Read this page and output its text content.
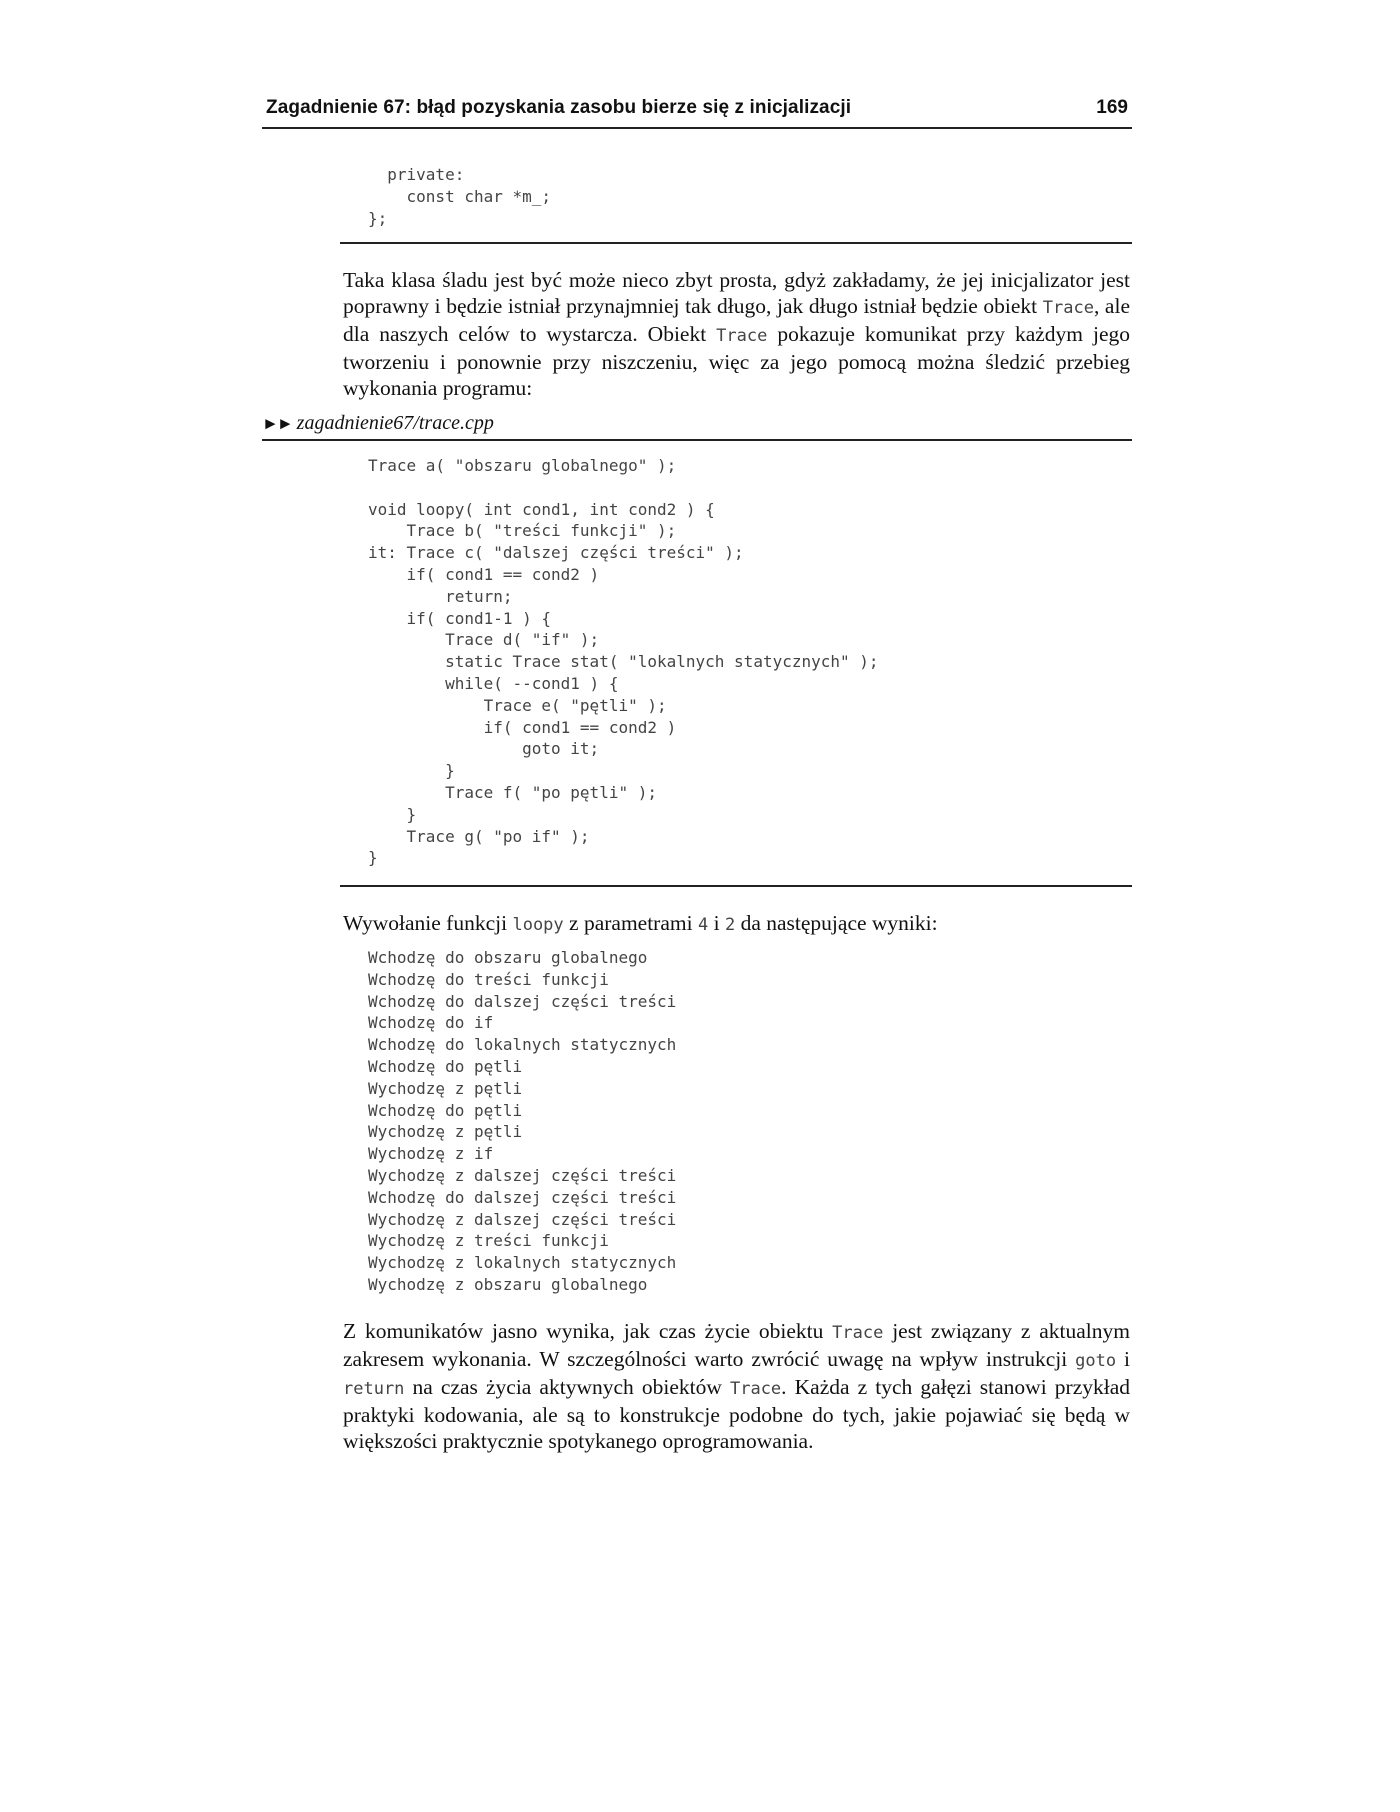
Zagadnienie 67: błąd pozyskania zasobu bierze się z inicjalizacji	169
private:
const char *m_;
};

Taka klasa śladu jest być może nieco zbyt prosta, gdyż zakładamy, że jej inicjalizator jest poprawny i będzie istniał przynajmniej tak długo, jak długo istniał będzie obiekt Trace, ale dla naszych celów to wystarcza. Obiekt Trace pokazuje komunikat przy każdym jego tworzeniu i ponownie przy niszczeniu, więc za jego pomocą można śledzić przebieg wykonania programu:

►► zagadnienie67/trace.cpp
Trace a( "obszaru globalnego" );

void loopy( int cond1, int cond2 ) {
Trace b( "treści funkcji" );
it: Trace c( "dalszej części treści" );
if( cond1 == cond2 )
return;
if( cond1-1 ) {
Trace d( "if" );
static Trace stat( "lokalnych statycznych" );
while( --cond1 ) {
Trace e( "pętli" );
if( cond1 == cond2 )
goto it;
}
Trace f( "po pętli" );
}
Trace g( "po if" );
}

Wywołanie funkcji loopy z parametrami 4 i 2 da następujące wyniki:

Wchodzę do obszaru globalnego
Wchodzę do treści funkcji
Wchodzę do dalszej części treści
Wchodzę do if
Wchodzę do lokalnych statycznych
Wchodzę do pętli
Wychodzę z pętli
Wchodzę do pętli
Wychodzę z pętli
Wychodzę z if
Wychodzę z dalszej części treści
Wchodzę do dalszej części treści
Wychodzę z dalszej części treści
Wychodzę z treści funkcji
Wychodzę z lokalnych statycznych
Wychodzę z obszaru globalnego

Z komunikatów jasno wynika, jak czas życie obiektu Trace jest związany z aktualnym zakresem wykonania. W szczególności warto zwrócić uwagę na wpływ instrukcji goto i return na czas życia aktywnych obiektów Trace. Każda z tych gałęzi stanowi przykład praktyki kodowania, ale są to konstrukcje podobne do tych, jakie pojawiać się będą w większości praktycznie spotykanego oprogramowania.
